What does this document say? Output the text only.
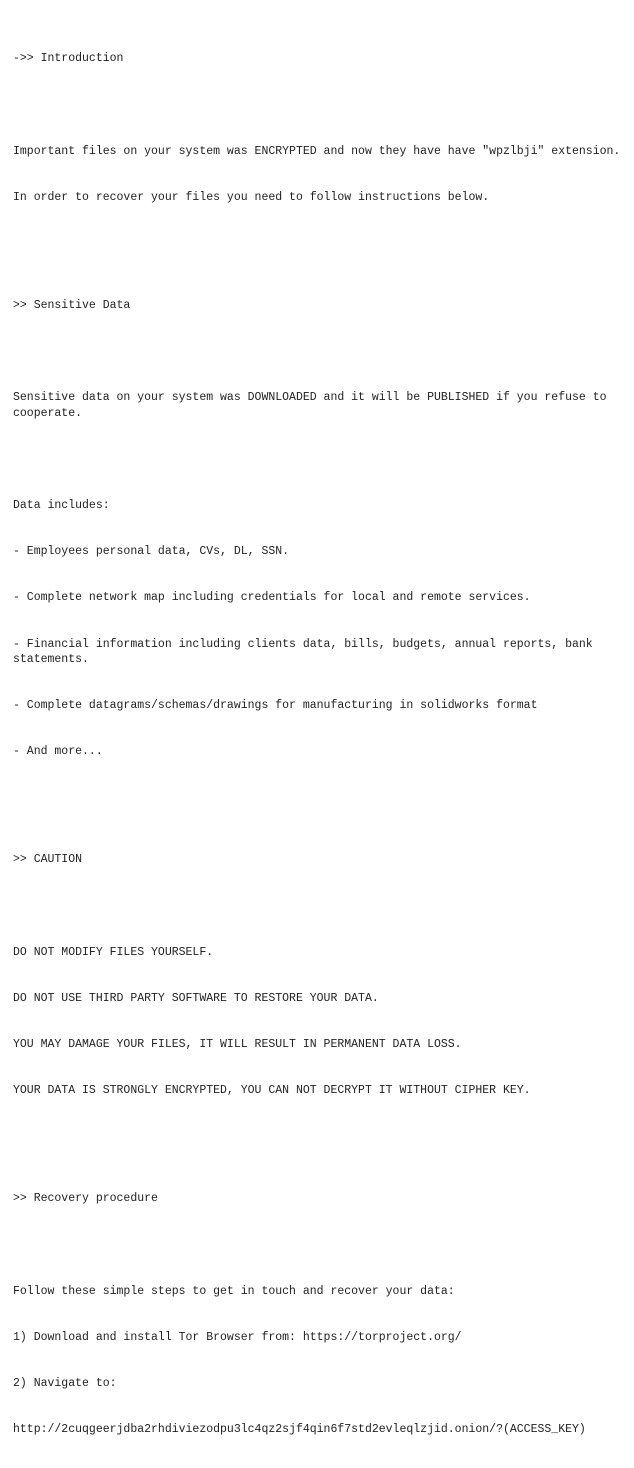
->> Introduction

Important files on your system was ENCRYPTED and now they have have "wpzlbji" extension.

In order to recover your files you need to follow instructions below.

>> Sensitive Data

Sensitive data on your system was DOWNLOADED and it will be PUBLISHED if you refuse to cooperate.

Data includes:

- Employees personal data, CVs, DL, SSN.

- Complete network map including credentials for local and remote services.

- Financial information including clients data, bills, budgets, annual reports, bank statements.

- Complete datagrams/schemas/drawings for manufacturing in solidworks format

- And more...

>> CAUTION

DO NOT MODIFY FILES YOURSELF.

DO NOT USE THIRD PARTY SOFTWARE TO RESTORE YOUR DATA.

YOU MAY DAMAGE YOUR FILES, IT WILL RESULT IN PERMANENT DATA LOSS.

YOUR DATA IS STRONGLY ENCRYPTED, YOU CAN NOT DECRYPT IT WITHOUT CIPHER KEY.

>> Recovery procedure

Follow these simple steps to get in touch and recover your data:

1) Download and install Tor Browser from: https://torproject.org/

2) Navigate to:

http://2cuqgeerjdba2rhdiviezodpu3lc4qz2sjf4qin6f7std2evleqlzjid.onion/?(ACCESS_KEY)
